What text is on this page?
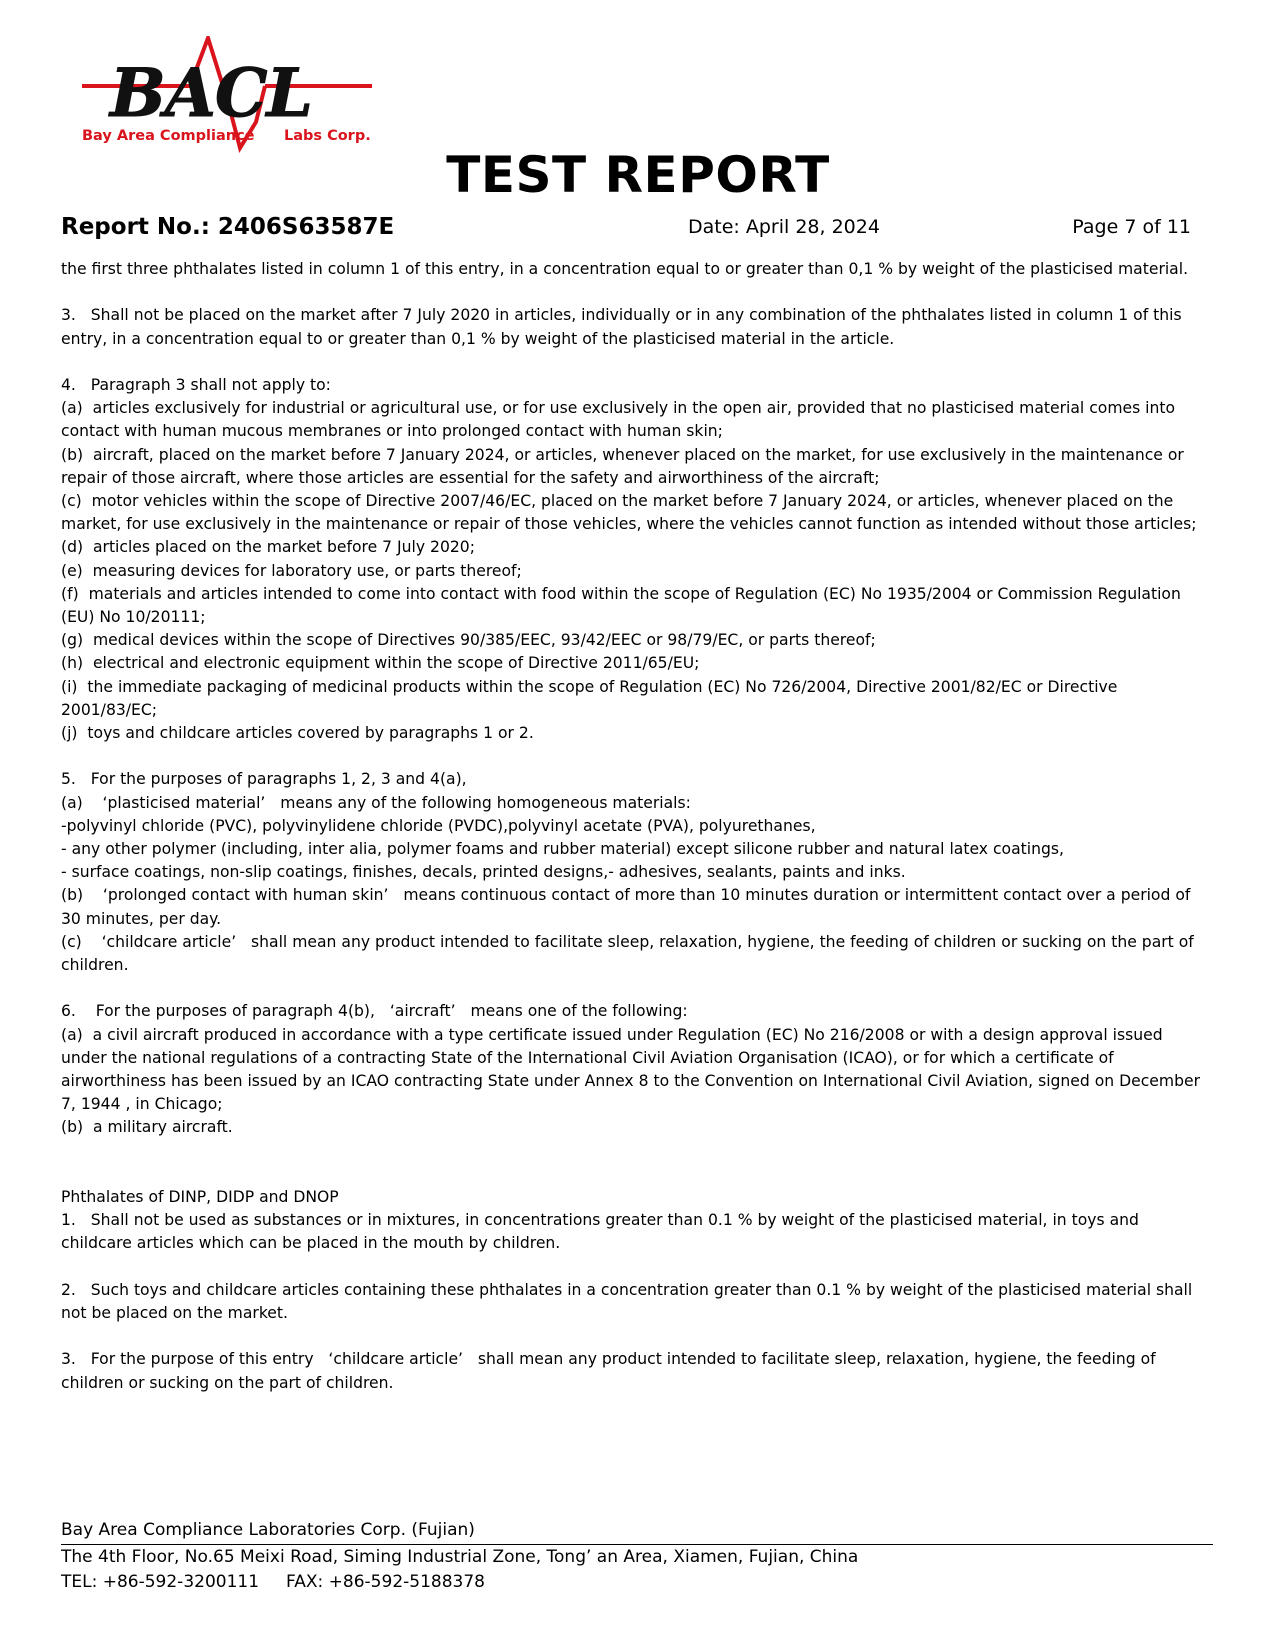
BACL
Bay Area Compliance Labs Corp.
TEST REPORT
Report No.: 2406S63587E	Date: April 28, 2024	Page 7 of 11

the first three phthalates listed in column 1 of this entry, in a concentration equal to or greater than 0,1 % by weight of the plasticised material.

3.   Shall not be placed on the market after 7 July 2020 in articles, individually or in any combination of the phthalates listed in column 1 of this entry, in a concentration equal to or greater than 0,1 % by weight of the plasticised material in the article.

4.   Paragraph 3 shall not apply to:

(a)  articles exclusively for industrial or agricultural use, or for use exclusively in the open air, provided that no plasticised material comes into contact with human mucous membranes or into prolonged contact with human skin;

(b)  aircraft, placed on the market before 7 January 2024, or articles, whenever placed on the market, for use exclusively in the maintenance or repair of those aircraft, where those articles are essential for the safety and airworthiness of the aircraft;

(c)  motor vehicles within the scope of Directive 2007/46/EC, placed on the market before 7 January 2024, or articles, whenever placed on the market, for use exclusively in the maintenance or repair of those vehicles, where the vehicles cannot function as intended without those articles;

(d)  articles placed on the market before 7 July 2020;

(e)  measuring devices for laboratory use, or parts thereof;

(f)  materials and articles intended to come into contact with food within the scope of Regulation (EC) No 1935/2004 or Commission Regulation (EU) No 10/20111;

(g)  medical devices within the scope of Directives 90/385/EEC, 93/42/EEC or 98/79/EC, or parts thereof;

(h)  electrical and electronic equipment within the scope of Directive 2011/65/EU;

(i)  the immediate packaging of medicinal products within the scope of Regulation (EC) No 726/2004, Directive 2001/82/EC or Directive 2001/83/EC;

(j)  toys and childcare articles covered by paragraphs 1 or 2.

5.   For the purposes of paragraphs 1, 2, 3 and 4(a),

(a)    ‘plasticised material’   means any of the following homogeneous materials:

-polyvinyl chloride (PVC), polyvinylidene chloride (PVDC),polyvinyl acetate (PVA), polyurethanes,

- any other polymer (including, inter alia, polymer foams and rubber material) except silicone rubber and natural latex coatings,

- surface coatings, non-slip coatings, finishes, decals, printed designs,- adhesives, sealants, paints and inks.

(b)    ‘prolonged contact with human skin’   means continuous contact of more than 10 minutes duration or intermittent contact over a period of 30 minutes, per day.

(c)    ‘childcare article’   shall mean any product intended to facilitate sleep, relaxation, hygiene, the feeding of children or sucking on the part of children.

6.    For the purposes of paragraph 4(b),   ‘aircraft’   means one of the following:

(a)  a civil aircraft produced in accordance with a type certificate issued under Regulation (EC) No 216/2008 or with a design approval issued under the national regulations of a contracting State of the International Civil Aviation Organisation (ICAO), or for which a certificate of airworthiness has been issued by an ICAO contracting State under Annex 8 to the Convention on International Civil Aviation, signed on December 7, 1944 , in Chicago;

(b)  a military aircraft.

Phthalates of DINP, DIDP and DNOP

1.   Shall not be used as substances or in mixtures, in concentrations greater than 0.1 % by weight of the plasticised material, in toys and childcare articles which can be placed in the mouth by children.

2.   Such toys and childcare articles containing these phthalates in a concentration greater than 0.1 % by weight of the plasticised material shall not be placed on the market.

3.   For the purpose of this entry   ‘childcare article’   shall mean any product intended to facilitate sleep, relaxation, hygiene, the feeding of children or sucking on the part of children.

Bay Area Compliance Laboratories Corp. (Fujian)

The 4th Floor, No.65 Meixi Road, Siming Industrial Zone, Tong’ an Area, Xiamen, Fujian, China

TEL: +86-592-3200111     FAX: +86-592-5188378
